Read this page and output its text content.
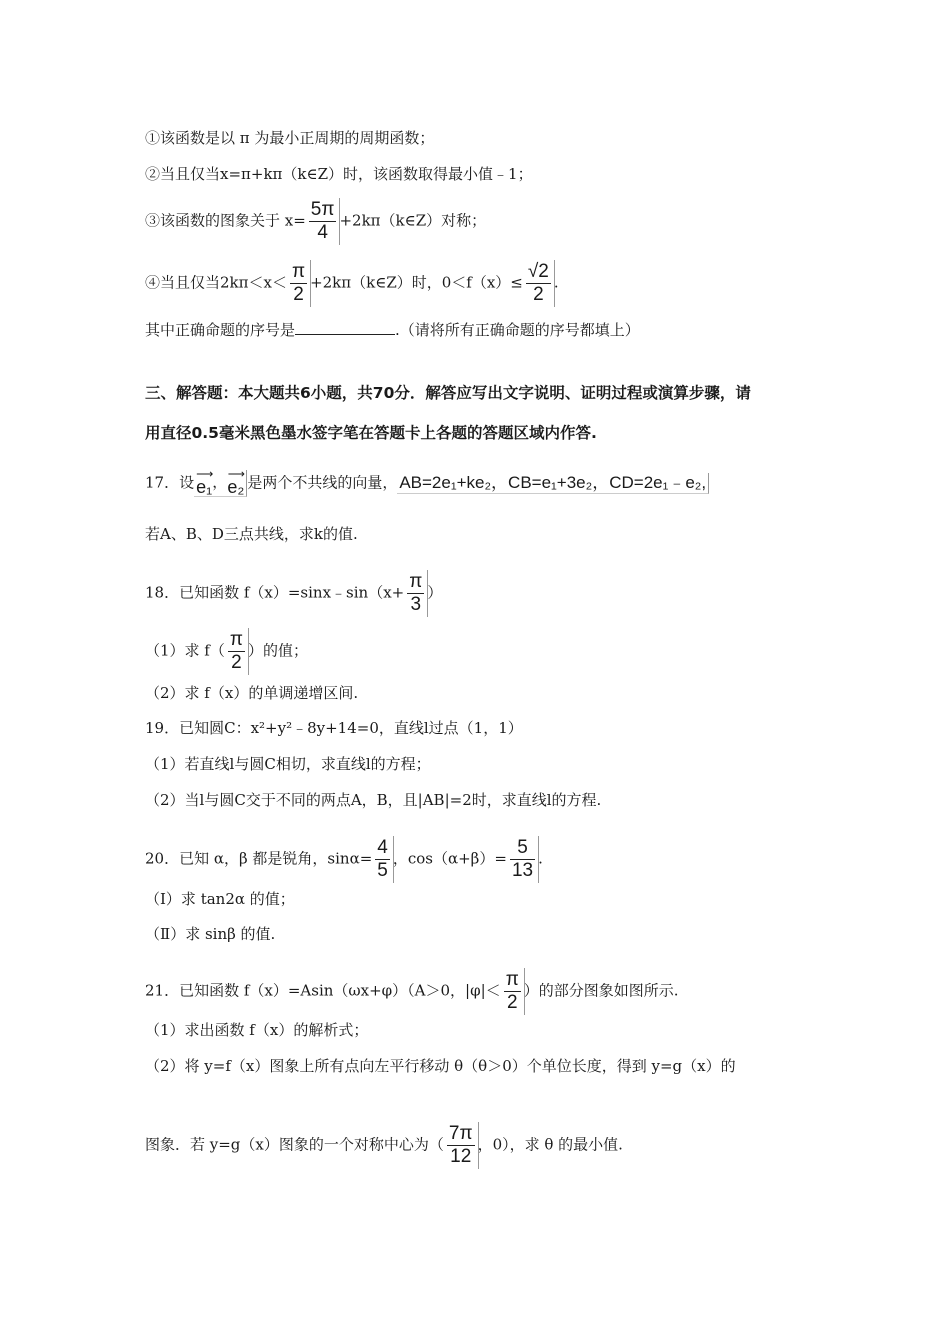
①该函数是以 π 为最小正周期的周期函数；
②当且仅当x=π+kπ（k∈Z）时，该函数取得最小值﹣1；
③该函数的图象关于 $x= \frac{5\pi}{4}$ +2kπ（k∈Z）对称；
④当且仅当$2k\pi<x< \frac{\pi}{2}$ +2kπ（k∈Z）时，$0<f(x)\le \frac{√2}{2}$ .
其中正确命题的序号是	.（请将所有正确命题的序号都填上）
三、解答题：本大题共6小题，共70分．解答应写出文字说明、证明过程或演算步骤，请
用直径0.5毫米黑色墨水签字笔在答题卡上各题的答题区域内作答.
17．设 ⟶
e₁ ， ⟶
e₂ 是两个不共线的向量， AB=2e₁+ke₂，CB=e₁+3e₂，CD=2e₁﹣e₂,
若A、B、D三点共线，求k的值.
18．已知函数 f（x）=sinx﹣sin（x+ $\frac{\pi}{3}$ ）
（1）求 $f( \frac{\pi}{2}$ ）的值；
（2）求 f（x）的单调递增区间.
19．已知圆C：x²+y²﹣8y+14=0，直线l过点（1，1）
（1）若直线l与圆C相切，求直线l的方程；
（2）当l与圆C交于不同的两点A，B，且|AB|=2时，求直线l的方程.
20．已知 α，β 都是锐角，$\sin\alpha= \frac{4}{5}$ ，$\cos(\alpha+\beta)= \frac{5}{13}$ .
（Ⅰ）求 tan2α 的值；
（Ⅱ）求 sinβ 的值.
21．已知函数 f（x）=Asin（ωx+φ）（A＞0，$|\varphi|< \frac{\pi}{2}$ ）的部分图象如图所示.
（1）求出函数 f（x）的解析式；
（2）将 y=f（x）图象上所有点向左平行移动 θ（θ＞0）个单位长度，得到 y=g（x）的
图象．若 y=g（x）图象的一个对称中心为（ $\frac{7\pi}{12}$ ，0），求 θ 的最小值.
